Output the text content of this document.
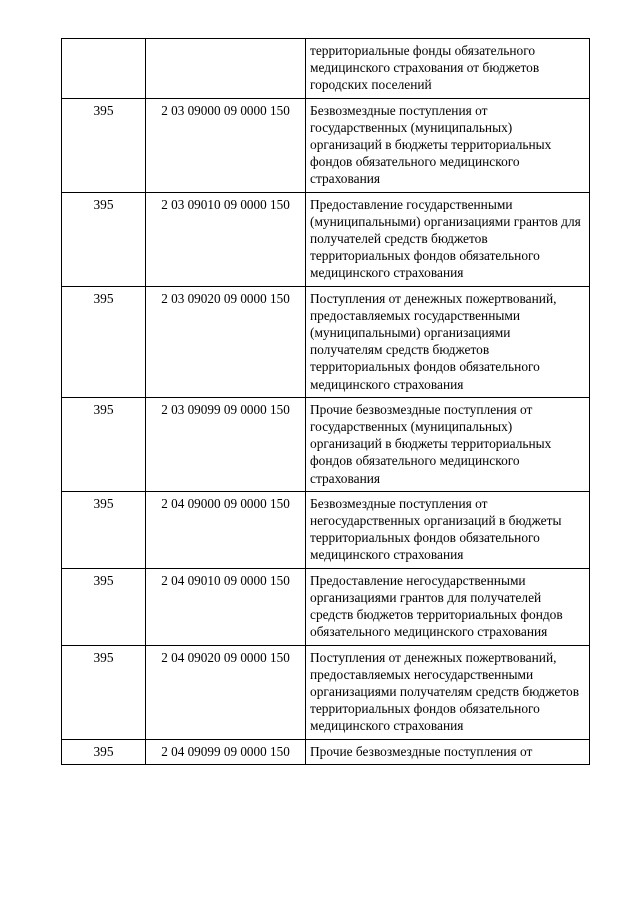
		территориальные фонды обязательного медицинского страхования от бюджетов городских поселений
395	2 03 09000 09 0000 150	Безвозмездные поступления от государственных (муниципальных) организаций в бюджеты территориальных фондов обязательного медицинского страхования
395	2 03 09010 09 0000 150	Предоставление государственными (муниципальными) организациями грантов для получателей средств бюджетов территориальных фондов обязательного медицинского страхования
395	2 03 09020 09 0000 150	Поступления от денежных пожертвований, предоставляемых государственными (муниципальными) организациями получателям средств бюджетов территориальных фондов обязательного медицинского страхования
395	2 03 09099 09 0000 150	Прочие безвозмездные поступления от государственных (муниципальных) организаций в бюджеты территориальных фондов обязательного медицинского страхования
395	2 04 09000 09 0000 150	Безвозмездные поступления от негосударственных организаций в бюджеты территориальных фондов обязательного медицинского страхования
395	2 04 09010 09 0000 150	Предоставление негосударственными организациями грантов для получателей средств бюджетов территориальных фондов обязательного медицинского страхования
395	2 04 09020 09 0000 150	Поступления от денежных пожертвований, предоставляемых негосударственными организациями получателям средств бюджетов территориальных фондов обязательного медицинского страхования
395	2 04 09099 09 0000 150	Прочие безвозмездные поступления от
